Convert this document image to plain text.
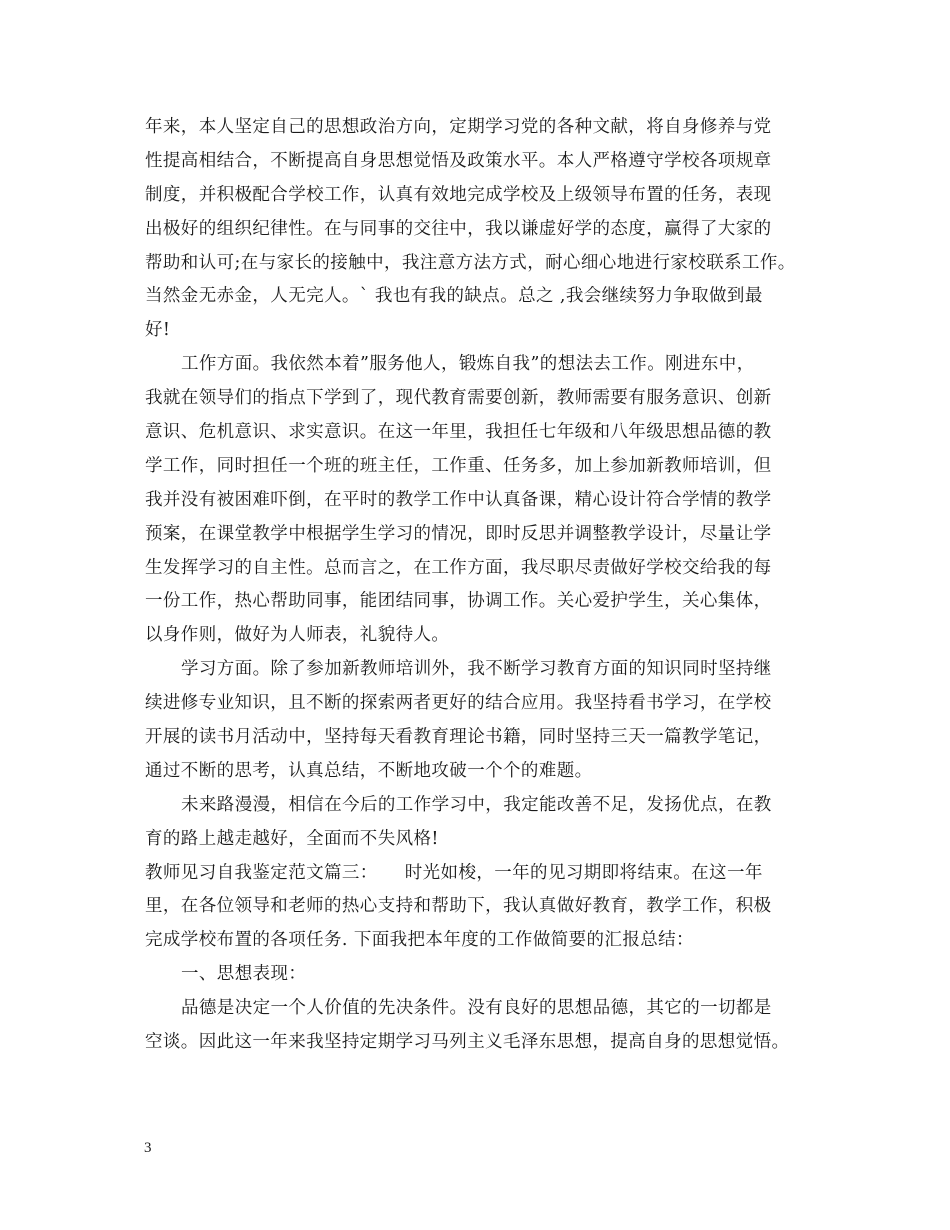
年来，本人坚定自己的思想政治方向，定期学习党的各种文献，将自身修养与党
性提高相结合，不断提高自身思想觉悟及政策水平。本人严格遵守学校各项规章
制度，并积极配合学校工作，认真有效地完成学校及上级领导布置的任务，表现
出极好的组织纪律性。在与同事的交往中，我以谦虚好学的态度，赢得了大家的
帮助和认可;在与家长的接触中，我注意方法方式，耐心细心地进行家校联系工作。
当然金无赤金，人无完人。` 我也有我的缺点。总之 ,我会继续努力争取做到最
好!
工作方面。我依然本着”服务他人，锻炼自我”的想法去工作。刚进东中，
我就在领导们的指点下学到了，现代教育需要创新，教师需要有服务意识、创新
意识、危机意识、求实意识。在这一年里，我担任七年级和八年级思想品德的教
学工作，同时担任一个班的班主任，工作重、任务多，加上参加新教师培训，但
我并没有被困难吓倒，在平时的教学工作中认真备课，精心设计符合学情的教学
预案，在课堂教学中根据学生学习的情况，即时反思并调整教学设计，尽量让学
生发挥学习的自主性。总而言之，在工作方面，我尽职尽责做好学校交给我的每
一份工作，热心帮助同事，能团结同事，协调工作。关心爱护学生，关心集体，
以身作则，做好为人师表，礼貌待人。
学习方面。除了参加新教师培训外，我不断学习教育方面的知识同时坚持继
续进修专业知识，且不断的探索两者更好的结合应用。我坚持看书学习，在学校
开展的读书月活动中，坚持每天看教育理论书籍，同时坚持三天一篇教学笔记，
通过不断的思考，认真总结，不断地攻破一个个的难题。
未来路漫漫，相信在今后的工作学习中，我定能改善不足，发扬优点，在教
育的路上越走越好，全面而不失风格!
教师见习自我鉴定范文篇三：　　时光如梭，一年的见习期即将结束。在这一年
里，在各位领导和老师的热心支持和帮助下，我认真做好教育，教学工作，积极
完成学校布置的各项任务. 下面我把本年度的工作做简要的汇报总结：
一、思想表现：
品德是决定一个人价值的先决条件。没有良好的思想品德，其它的一切都是
空谈。因此这一年来我坚持定期学习马列主义毛泽东思想，提高自身的思想觉悟。
3
